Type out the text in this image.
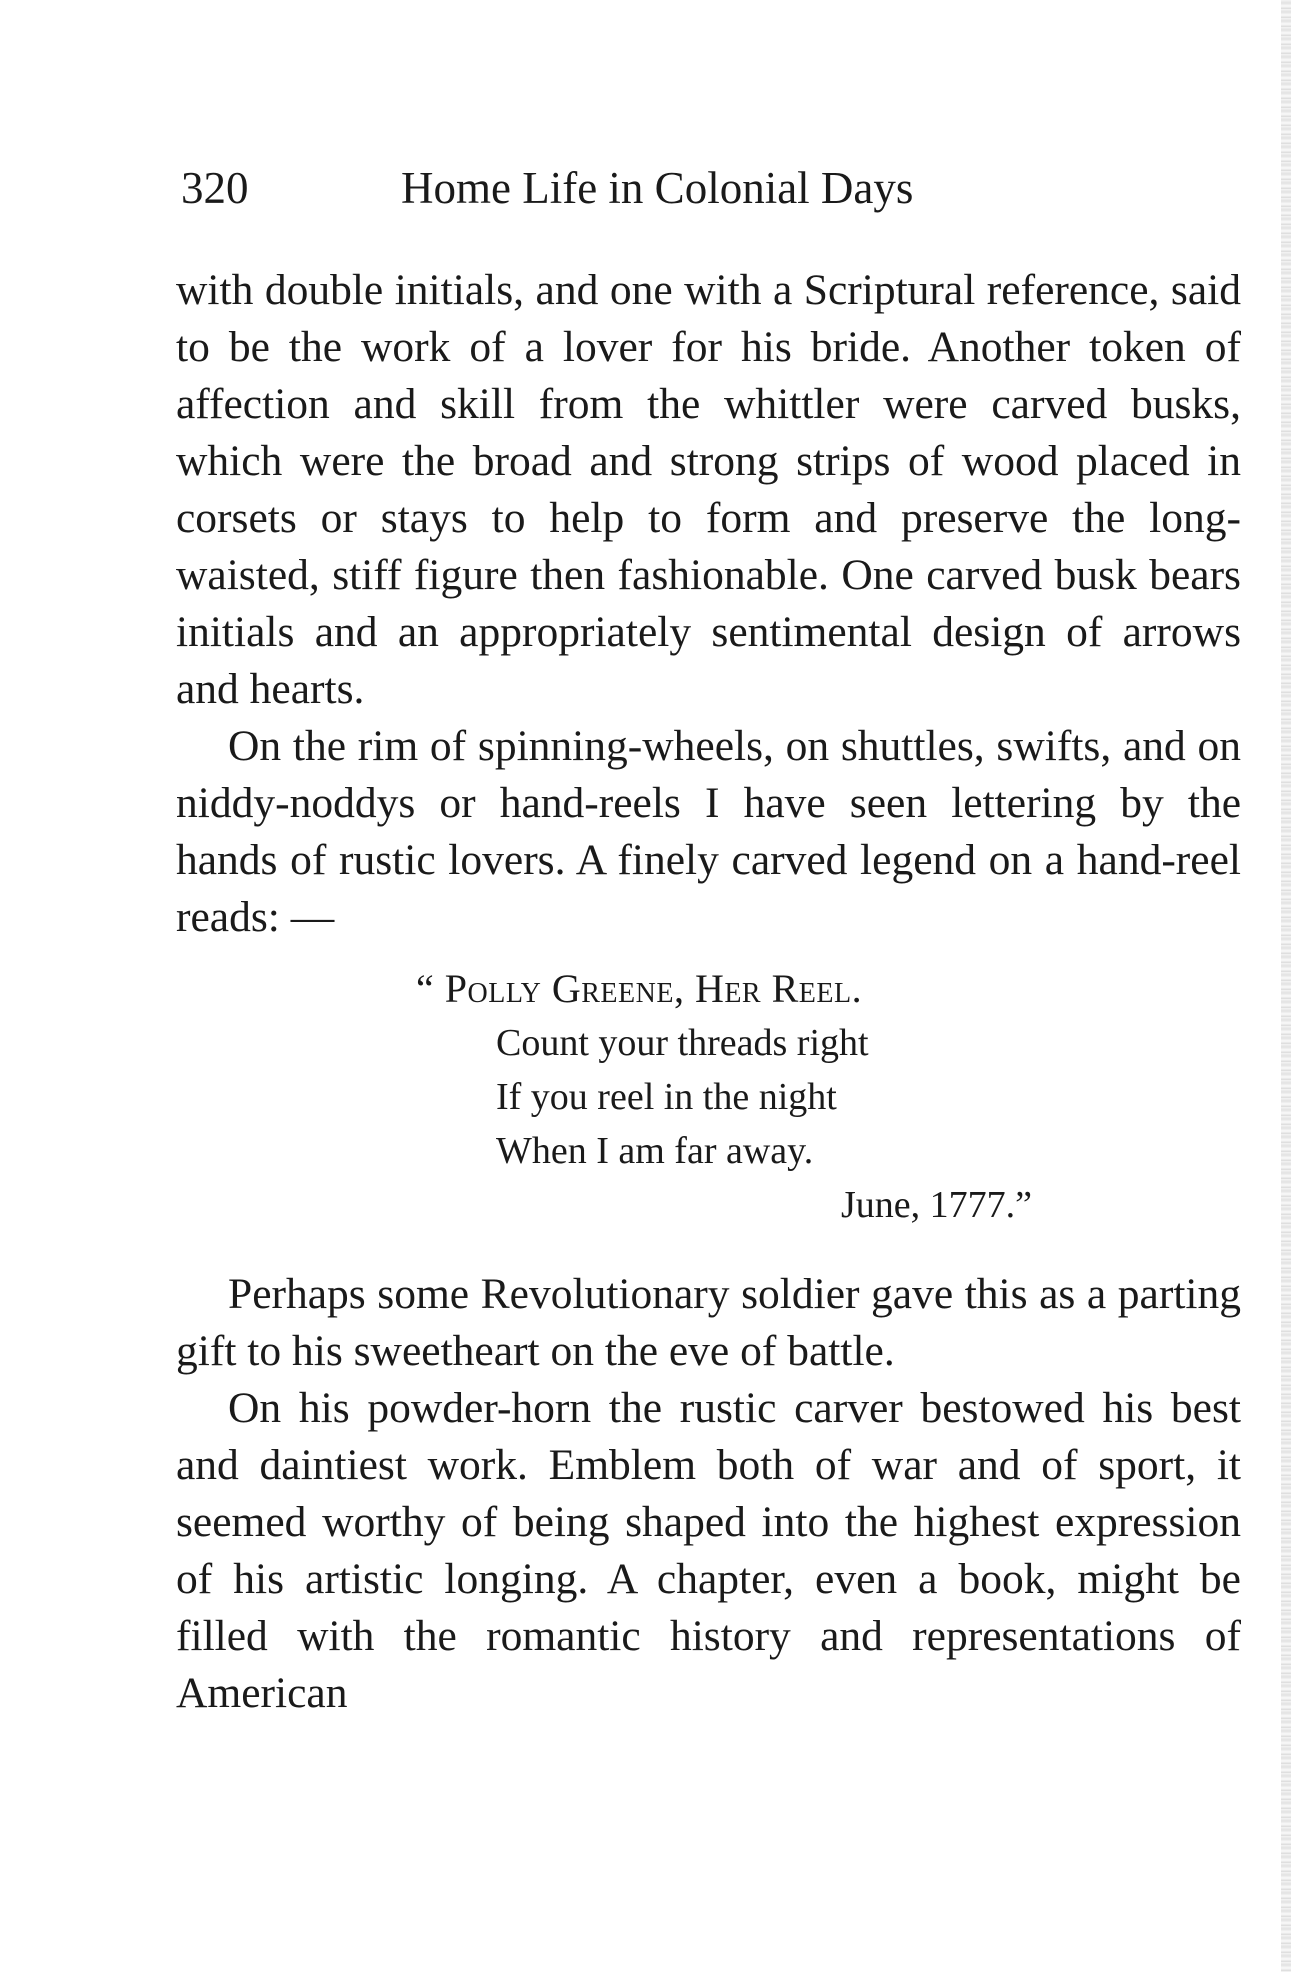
320	Home Life in Colonial Days

with double initials, and one with a Scriptural reference, said to be the work of a lover for his bride. Another token of affection and skill from the whittler were carved busks, which were the broad and strong strips of wood placed in corsets or stays to help to form and preserve the long-waisted, stiff figure then fashionable. One carved busk bears initials and an appropriately sentimental design of arrows and hearts.

On the rim of spinning-wheels, on shuttles, swifts, and on niddy-noddys or hand-reels I have seen lettering by the hands of rustic lovers. A finely carved legend on a hand-reel reads: —

“ Polly Greene, Her Reel.
Count your threads right
If you reel in the night
When I am far away.
June, 1777.”

Perhaps some Revolutionary soldier gave this as a parting gift to his sweetheart on the eve of battle.

On his powder-horn the rustic carver bestowed his best and daintiest work. Emblem both of war and of sport, it seemed worthy of being shaped into the highest expression of his artistic longing. A chapter, even a book, might be filled with the romantic history and representations of American
